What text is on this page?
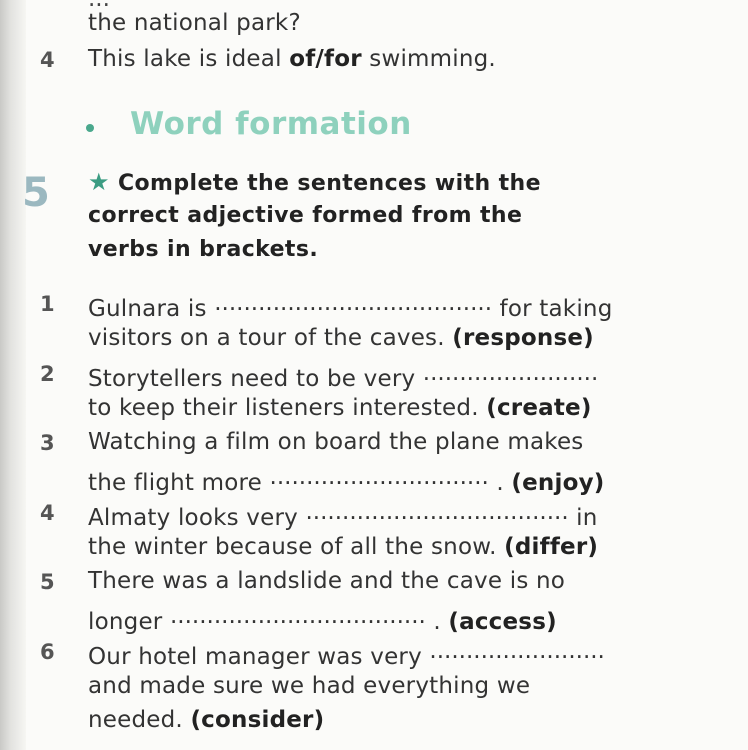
the national park?
4 This lake is ideal of/for swimming.
Word formation
5 ★ Complete the sentences with the
correct adjective formed from the
verbs in brackets.
1 Gulnara is ...................................... for taking
visitors on a tour of the caves. (response)
2 Storytellers need to be very ........................
to keep their listeners interested. (create)
3 Watching a film on board the plane makes
the flight more .............................. . (enjoy)
4 Almaty looks very .................................... in
the winter because of all the snow. (differ)
5 There was a landslide and the cave is no
longer ................................... . (access)
6 Our hotel manager was very ........................
and made sure we had everything we
needed. (consider)
